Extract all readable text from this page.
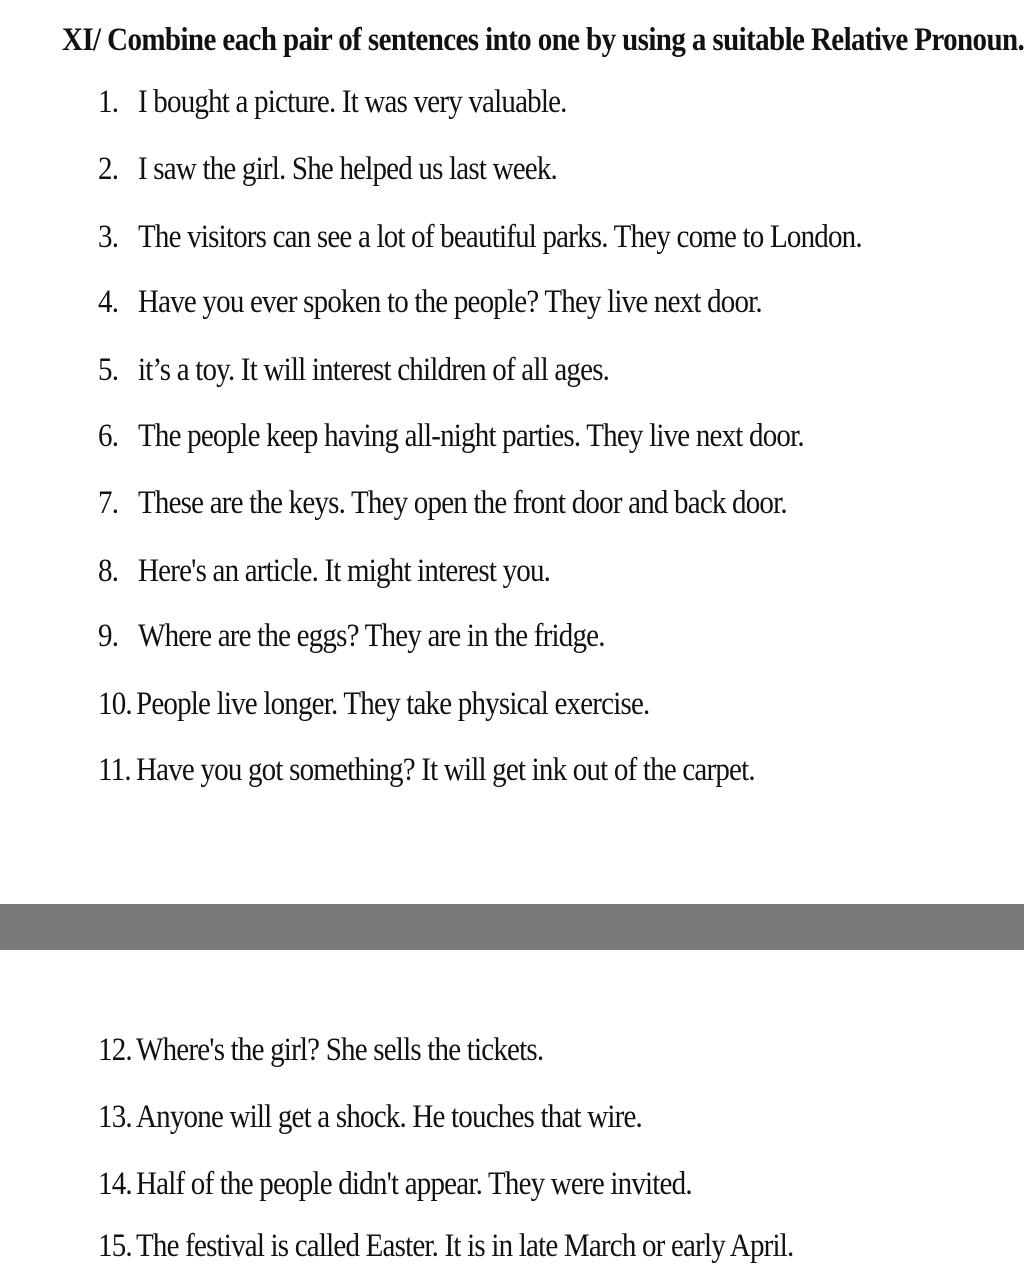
XI/ Combine each pair of sentences into one by using a suitable Relative Pronoun.
1. I bought a picture. It was very valuable.
2. I saw the girl. She helped us last week.
3. The visitors can see a lot of beautiful parks. They come to London.
4. Have you ever spoken to the people? They live next door.
5. it’s a toy. It will interest children of all ages.
6. The people keep having all-night parties. They live next door.
7. These are the keys. They open the front door and back door.
8. Here's an article. It might interest you.
9. Where are the eggs? They are in the fridge.
10. People live longer. They take physical exercise.
11. Have you got something? It will get ink out of the carpet.
12. Where's the girl? She sells the tickets.
13. Anyone will get a shock. He touches that wire.
14. Half of the people didn't appear. They were invited.
15. The festival is called Easter. It is in late March or early April.
